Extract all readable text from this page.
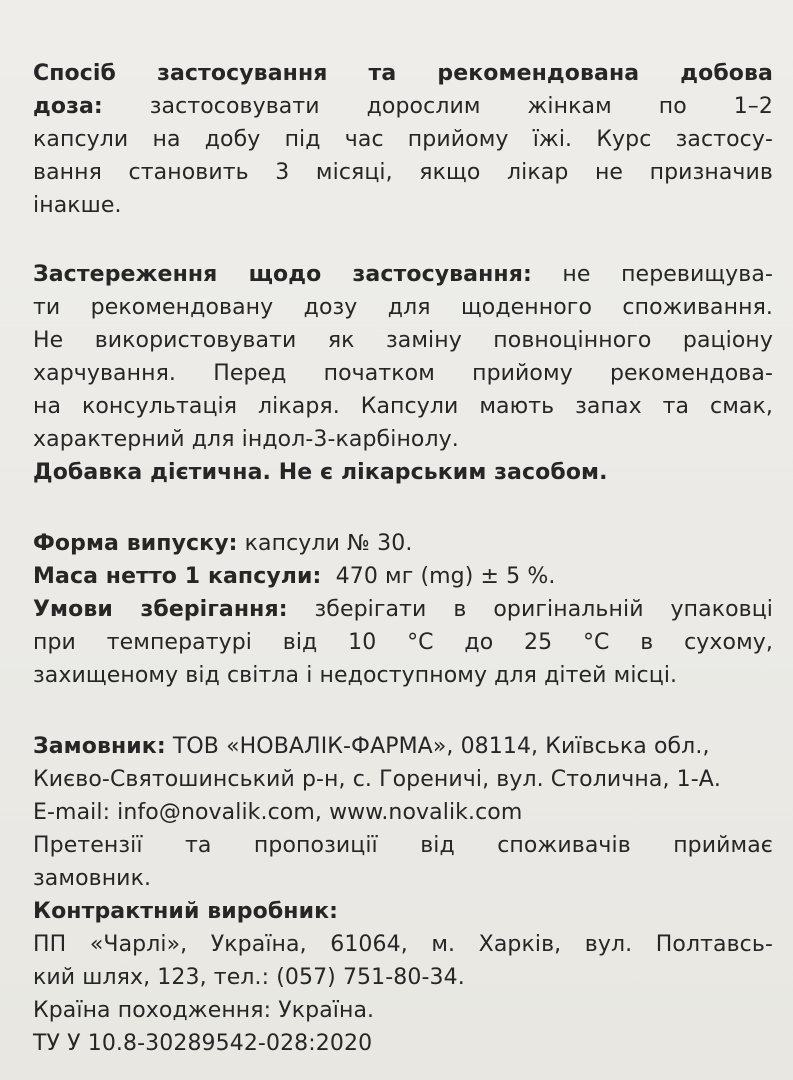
Спосіб застосування та рекомендована добова
доза: застосовувати дорослим жінкам по 1–2
капсули на добу під час прийому їжі. Курс застосу-
вання становить 3 місяці, якщо лікар не призначив
інакше.
Застереження щодо застосування: не перевищува-
ти рекомендовану дозу для щоденного споживання.
Не використовувати як заміну повноцінного раціону
харчування. Перед початком прийому рекомендова-
на консультація лікаря. Капсули мають запах та смак,
характерний для індол-3-карбінолу.
Добавка дієтична. Не є лікарським засобом.
Форма випуску: капсули № 30.
Маса нетто 1 капсули:  470 мг (mg) ± 5 %.
Умови зберігання: зберігати в оригінальній упаковці
при температурі від 10 °С до 25 °С в сухому,
захищеному від світла і недоступному для дітей місці.
Замовник: ТОВ «НОВАЛІК-ФАРМА», 08114, Київська обл.,
Києво-Святошинський р-н, с. Гореничі, вул. Столична, 1-А.
E-mail: info@novalik.com, www.novalik.com
Претензії та пропозиції від споживачів приймає
замовник.
Контрактний виробник:
ПП «Чарлі», Україна, 61064, м. Харків, вул. Полтавсь-
кий шлях, 123, тел.: (057) 751-80-34.
Країна походження: Україна.
ТУ У 10.8-30289542-028:2020
